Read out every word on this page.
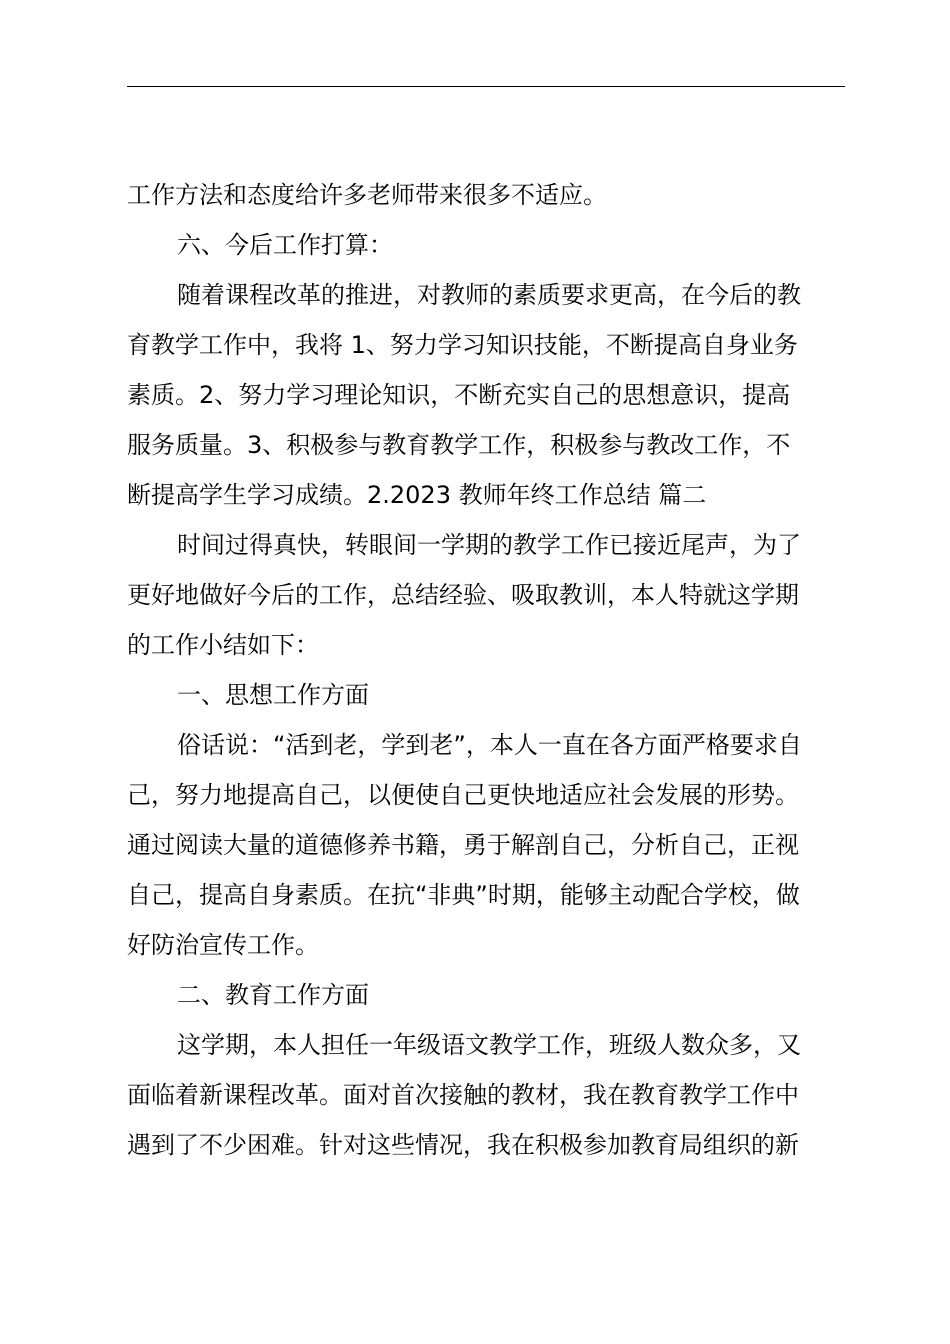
工作方法和态度给许多老师带来很多不适应。
六、今后工作打算：
随着课程改革的推进，对教师的素质要求更高，在今后的教
育教学工作中，我将 1、努力学习知识技能，不断提高自身业务
素质。2、努力学习理论知识，不断充实自己的思想意识，提高
服务质量。3、积极参与教育教学工作，积极参与教改工作，不
断提高学生学习成绩。2.2023 教师年终工作总结 篇二
时间过得真快，转眼间一学期的教学工作已接近尾声，为了
更好地做好今后的工作，总结经验、吸取教训，本人特就这学期
的工作小结如下：
一、思想工作方面
俗话说：“活到老，学到老”，本人一直在各方面严格要求自
己，努力地提高自己，以便使自己更快地适应社会发展的形势。
通过阅读大量的道德修养书籍，勇于解剖自己，分析自己，正视
自己，提高自身素质。在抗“非典”时期，能够主动配合学校，做
好防治宣传工作。
二、教育工作方面
这学期，本人担任一年级语文教学工作，班级人数众多，又
面临着新课程改革。面对首次接触的教材，我在教育教学工作中
遇到了不少困难。针对这些情况，我在积极参加教育局组织的新
